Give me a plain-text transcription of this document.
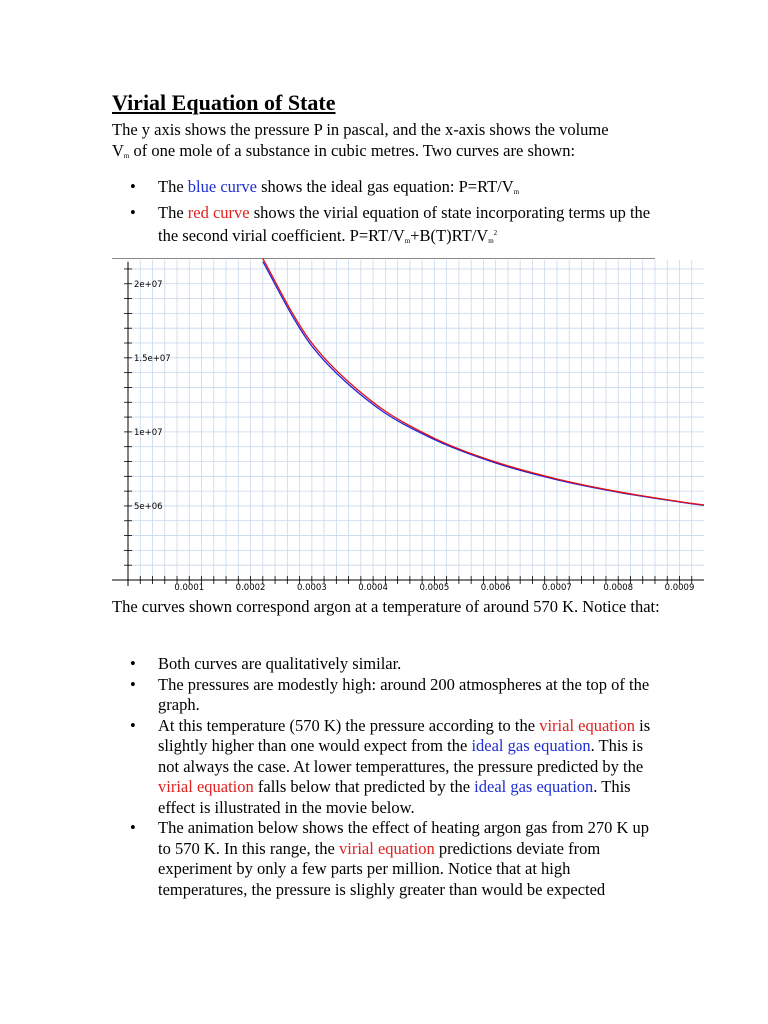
Virial Equation of State

The y axis shows the pressure P in pascal, and the x-axis shows the volume
$V_m$ of one mole of a substance in cubic metres. Two curves are shown:

• The blue curve shows the ideal gas equation: $P=RT/V_m$
• The red curve shows the virial equation of state incorporating terms up the the second virial coefficient. $P=RT/V_m+B(T)RT/V_m^2$
5e+06
1e+07
1.5e+07
2e+07
0.0001	0.0002	0.0003	0.0004	0.0005	0.0006	0.0007	0.0008	0.0009

The curves shown correspond argon at a temperature of around 570 K. Notice that:

• Both curves are qualitatively similar.
• The pressures are modestly high: around 200 atmospheres at the top of the graph.
• At this temperature (570 K) the pressure according to the virial equation is slightly higher than one would expect from the ideal gas equation. This is not always the case. At lower temperattures, the pressure predicted by the virial equation falls below that predicted by the ideal gas equation. This effect is illustrated in the movie below.
• The animation below shows the effect of heating argon gas from 270 K up to 570 K. In this range, the virial equation predictions deviate from experiment by only a few parts per million. Notice that at high temperatures, the pressure is slighly greater than would be expected
